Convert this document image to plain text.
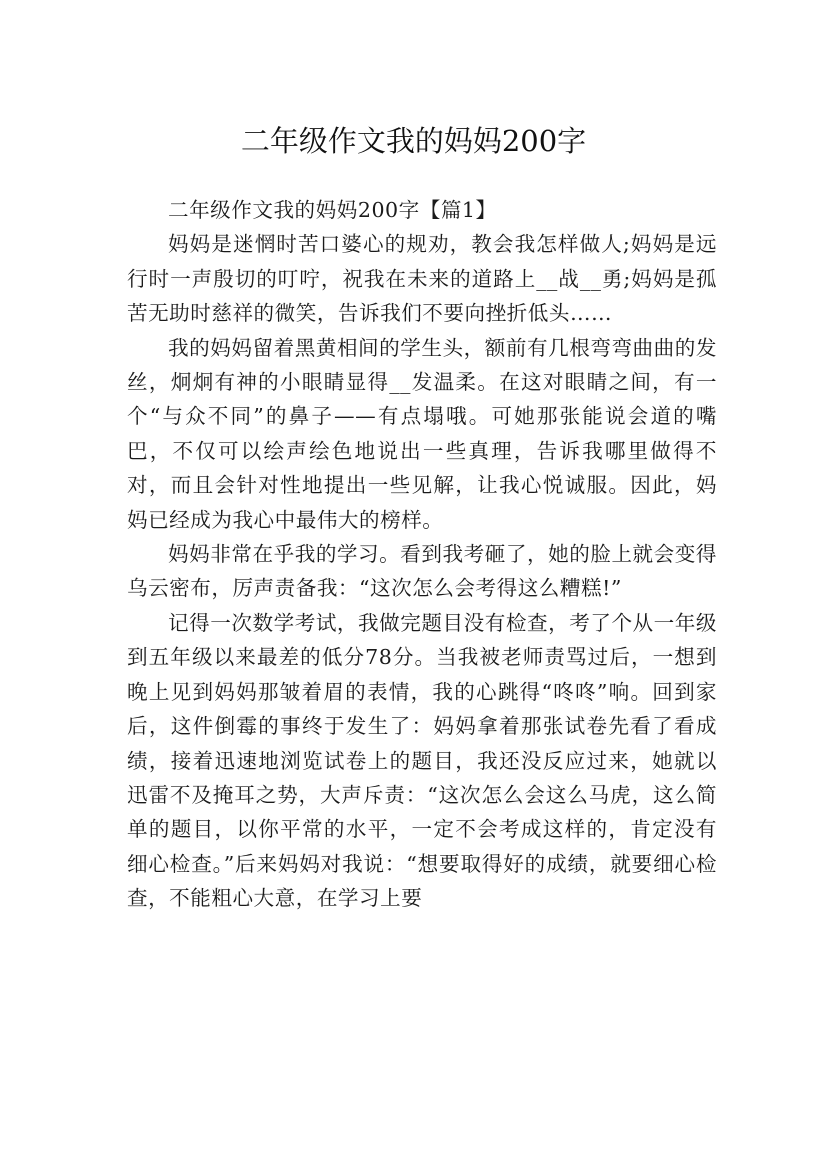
二年级作文我的妈妈200字

二年级作文我的妈妈200字【篇1】

妈妈是迷惘时苦口婆心的规劝，教会我怎样做人;妈妈是远行时一声殷切的叮咛，祝我在未来的道路上__战__勇;妈妈是孤苦无助时慈祥的微笑，告诉我们不要向挫折低头……

我的妈妈留着黑黄相间的学生头，额前有几根弯弯曲曲的发丝，炯炯有神的小眼睛显得__发温柔。在这对眼睛之间，有一个“与众不同”的鼻子——有点塌哦。可她那张能说会道的嘴巴，不仅可以绘声绘色地说出一些真理，告诉我哪里做得不对，而且会针对性地提出一些见解，让我心悦诚服。因此，妈妈已经成为我心中最伟大的榜样。

妈妈非常在乎我的学习。看到我考砸了，她的脸上就会变得乌云密布，厉声责备我：“这次怎么会考得这么糟糕!”

记得一次数学考试，我做完题目没有检查，考了个从一年级到五年级以来最差的低分78分。当我被老师责骂过后，一想到晚上见到妈妈那皱着眉的表情，我的心跳得“咚咚”响。回到家后，这件倒霉的事终于发生了：妈妈拿着那张试卷先看了看成绩，接着迅速地浏览试卷上的题目，我还没反应过来，她就以迅雷不及掩耳之势，大声斥责：“这次怎么会这么马虎，这么简单的题目，以你平常的水平，一定不会考成这样的，肯定没有细心检查。”后来妈妈对我说：“想要取得好的成绩，就要细心检查，不能粗心大意，在学习上要
